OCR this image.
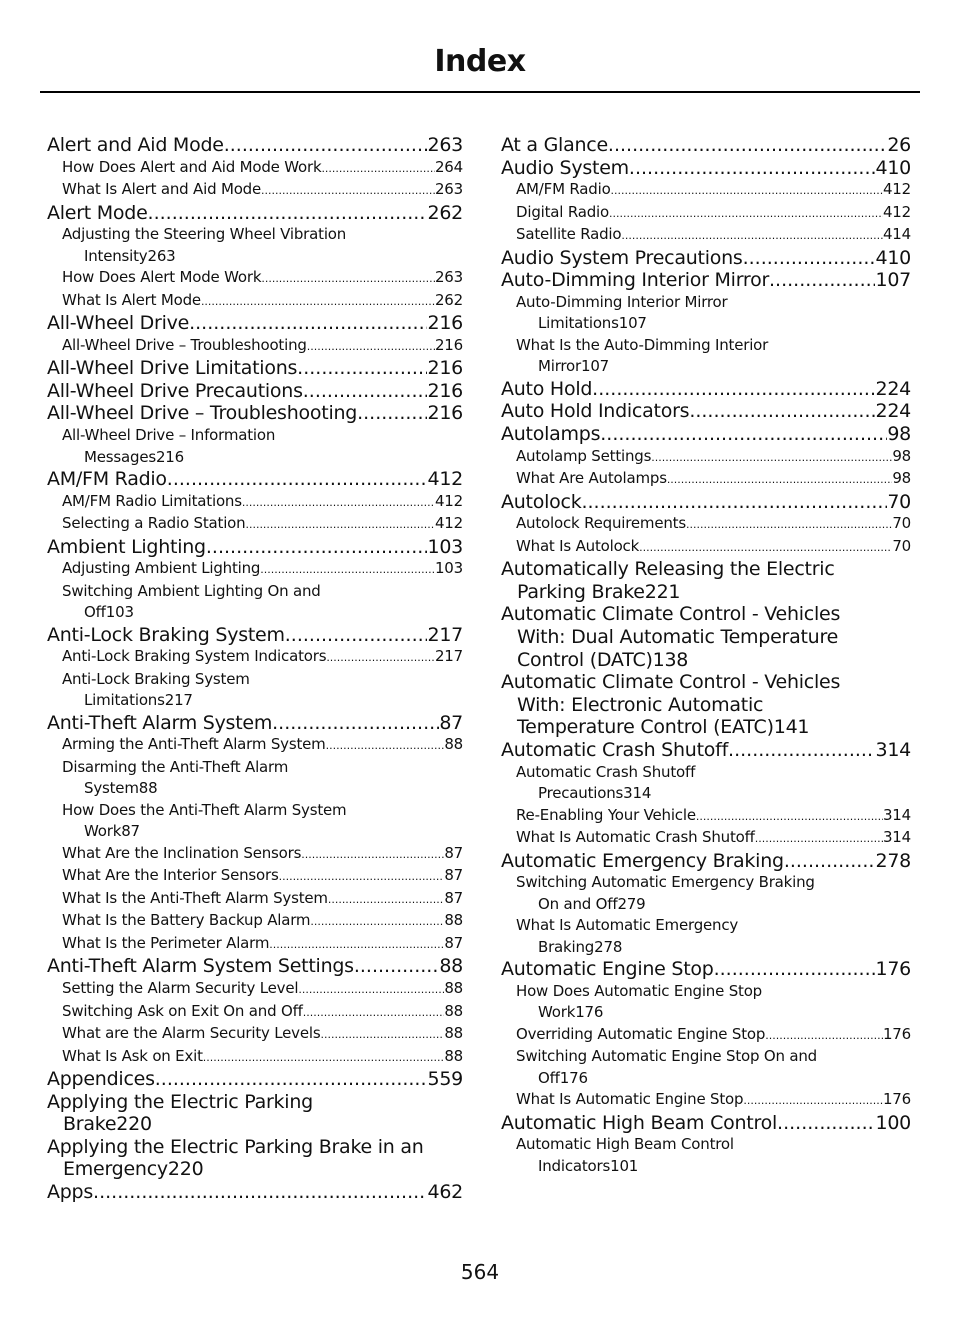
Index
Alert and Aid Mode .....	263
How Does Alert and Aid Mode Work .....	264
What Is Alert and Aid Mode .....	263
Alert Mode .....	262
Adjusting the Steering Wheel Vibration
Intensity 263
How Does Alert Mode Work .....	263
What Is Alert Mode .....	262
All-Wheel Drive .....	216
All-Wheel Drive – Troubleshooting .....	216
All-Wheel Drive Limitations .....	216
All-Wheel Drive Precautions .....	216
All-Wheel Drive – Troubleshooting .....	216
All-Wheel Drive – Information
Messages 216
AM/FM Radio .....	412
AM/FM Radio Limitations .....	412
Selecting a Radio Station .....	412
Ambient Lighting .....	103
Adjusting Ambient Lighting .....	103
Switching Ambient Lighting On and
Off 103
Anti-Lock Braking System .....	217
Anti-Lock Braking System Indicators .....	217
Anti-Lock Braking System
Limitations 217
Anti-Theft Alarm System .....	87
Arming the Anti-Theft Alarm System .....	88
Disarming the Anti-Theft Alarm
System 88
How Does the Anti-Theft Alarm System
Work 87
What Are the Inclination Sensors .....	87
What Are the Interior Sensors .....	87
What Is the Anti-Theft Alarm System .....	87
What Is the Battery Backup Alarm .....	88
What Is the Perimeter Alarm .....	87
Anti-Theft Alarm System Settings .....	88
Setting the Alarm Security Level .....	88
Switching Ask on Exit On and Off .....	88
What are the Alarm Security Levels .....	88
What Is Ask on Exit .....	88
Appendices .....	559
Applying the Electric Parking
Brake 220
Applying the Electric Parking Brake in an
Emergency 220
Apps .....	462
At a Glance .....	26
Audio System .....	410
AM/FM Radio .....	412
Digital Radio .....	412
Satellite Radio .....	414
Audio System Precautions .....	410
Auto-Dimming Interior Mirror .....	107
Auto-Dimming Interior Mirror
Limitations 107
What Is the Auto-Dimming Interior
Mirror 107
Auto Hold .....	224
Auto Hold Indicators .....	224
Autolamps .....	98
Autolamp Settings .....	98
What Are Autolamps .....	98
Autolock .....	70
Autolock Requirements .....	70
What Is Autolock .....	70
Automatically Releasing the Electric
Parking Brake 221
Automatic Climate Control - Vehicles
With: Dual Automatic Temperature
Control (DATC) 138
Automatic Climate Control - Vehicles
With: Electronic Automatic
Temperature Control (EATC) 141
Automatic Crash Shutoff .....	314
Automatic Crash Shutoff
Precautions 314
Re-Enabling Your Vehicle .....	314
What Is Automatic Crash Shutoff .....	314
Automatic Emergency Braking .....	278
Switching Automatic Emergency Braking
On and Off 279
What Is Automatic Emergency
Braking 278
Automatic Engine Stop .....	176
How Does Automatic Engine Stop
Work 176
Overriding Automatic Engine Stop .....	176
Switching Automatic Engine Stop On and
Off 176
What Is Automatic Engine Stop .....	176
Automatic High Beam Control .....	100
Automatic High Beam Control
Indicators 101
564
